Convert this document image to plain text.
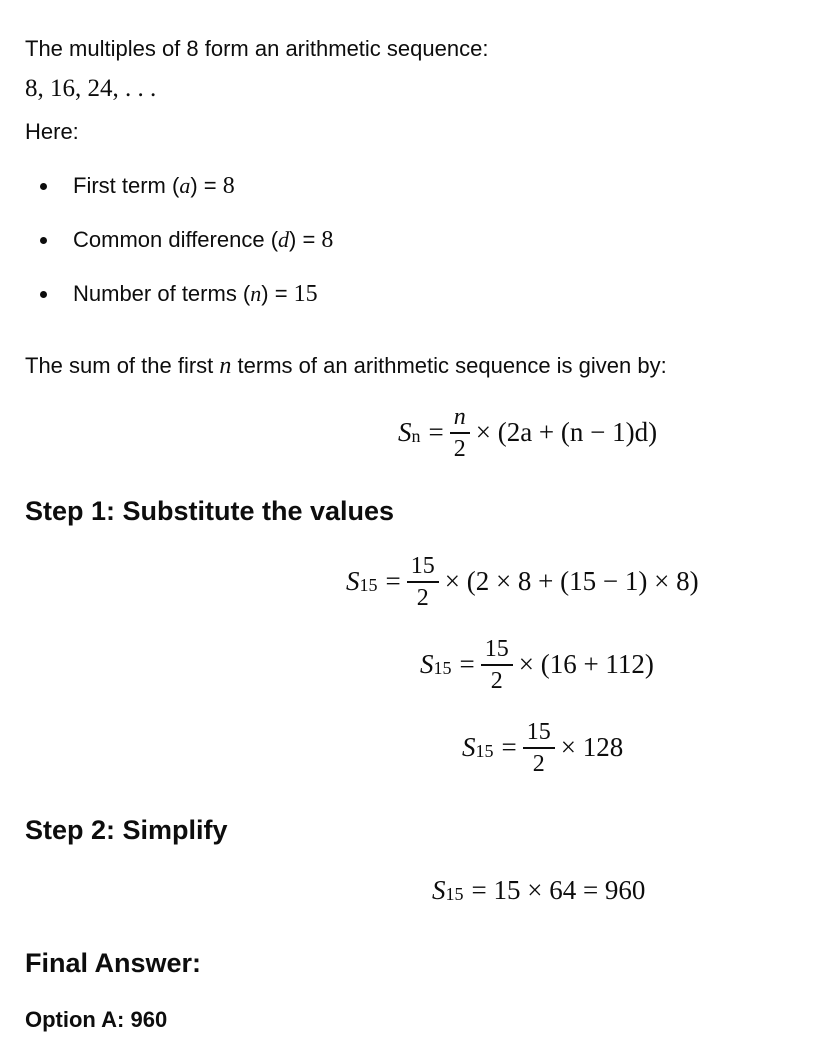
The multiples of 8 form an arithmetic sequence:
8, 16, 24, . . .
Here:
First term (a) = 8
Common difference (d) = 8
Number of terms (n) = 15
The sum of the first n terms of an arithmetic sequence is given by:
$S_n = \frac{n}{2} \times (2a + (n - 1)d)$
Step 1: Substitute the values
$S_{15} = \frac{15}{2} \times (2 \times 8 + (15 - 1) \times 8)$
$S_{15} = \frac{15}{2} \times (16 + 112)$
$S_{15} = \frac{15}{2} \times 128$
Step 2: Simplify
$S_{15} = 15 \times 64 = 960$
Final Answer:
Option A: 960
